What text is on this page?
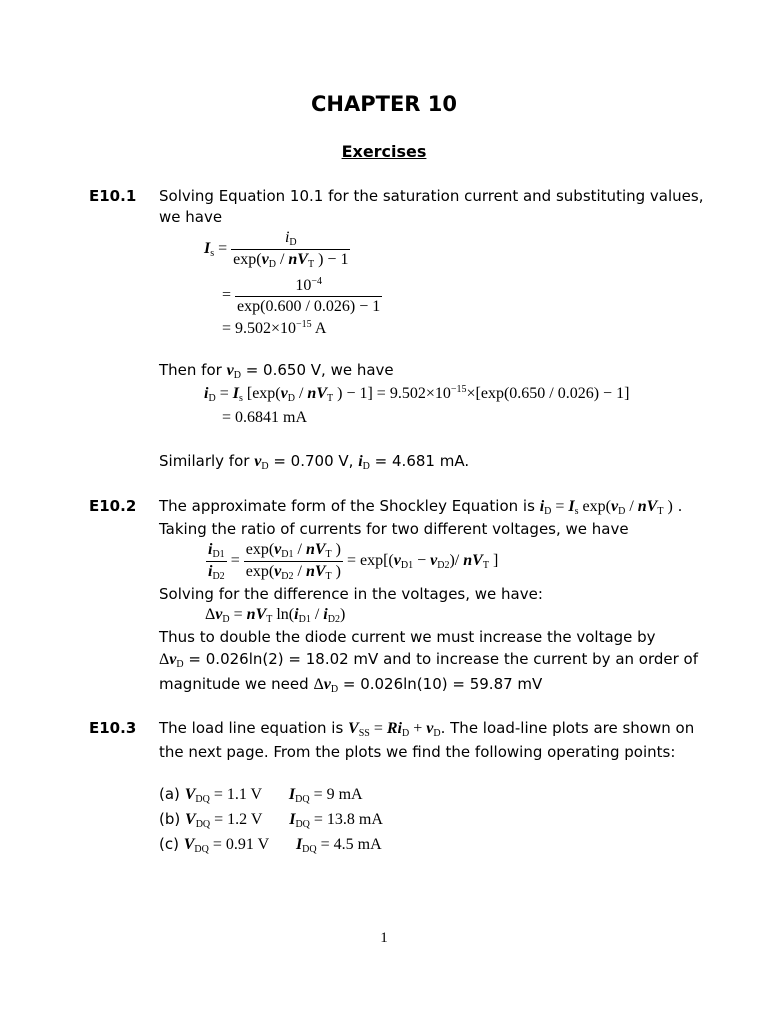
CHAPTER 10
Exercises
E10.1 Solving Equation 10.1 for the saturation current and substituting values,
we have
$I_s = \frac{i_D}{\exp(v_D / nV_T ) - 1}$
= $\frac{10^{-4}}{\exp(0.600 / 0.026) - 1}$
= $9.502\times 10^{-15}$ A
Then for $v_D = 0.650$ V, we have
$i_D = I_s$ [$\exp(v_D / nV_T$ ) − $1] = 9.502\times 10^{-15}\times[\exp(0.650 / 0.026) - 1]$
= 0.6841 mA
Similarly for $v_D = 0.700$ V, $i_D = 4.681$ mA.
E10.2 The approximate form of the Shockley Equation is $i_D = I_s$ $\exp(v_D / nV_T$ ) .
Taking the ratio of currents for two different voltages, we have
$\frac{i_{D1}}{i_{D2}} = \frac{\exp(v_{D1} / nV_T )}{\exp(v_{D2} / nV_T )} = \exp[(v_{D1} - v_{D2})/$ $nV_T$ ]
Solving for the difference in the voltages, we have:
$\Delta v_D = nV_T$ $\ln(i_{D1} / i_{D2})$
Thus to double the diode current we must increase the voltage by
$\Delta v_D = 0.026\ln(2) = 18.02$ mV and to increase the current by an order of
magnitude we need $\Delta v_D = 0.026\ln(10) = 59.87$ mV
E10.3 The load line equation is $V_{SS} = Ri_D + v_D$. The load-line plots are shown on
the next page. From the plots we find the following operating points:
(a) $V_{DQ} = 1.1$ V $I_{DQ} = 9$ mA
(b) $V_{DQ} = 1.2$ V $I_{DQ} = 13.8$ mA
(c) $V_{DQ} = 0.91$ V $I_{DQ} = 4.5$ mA
1
